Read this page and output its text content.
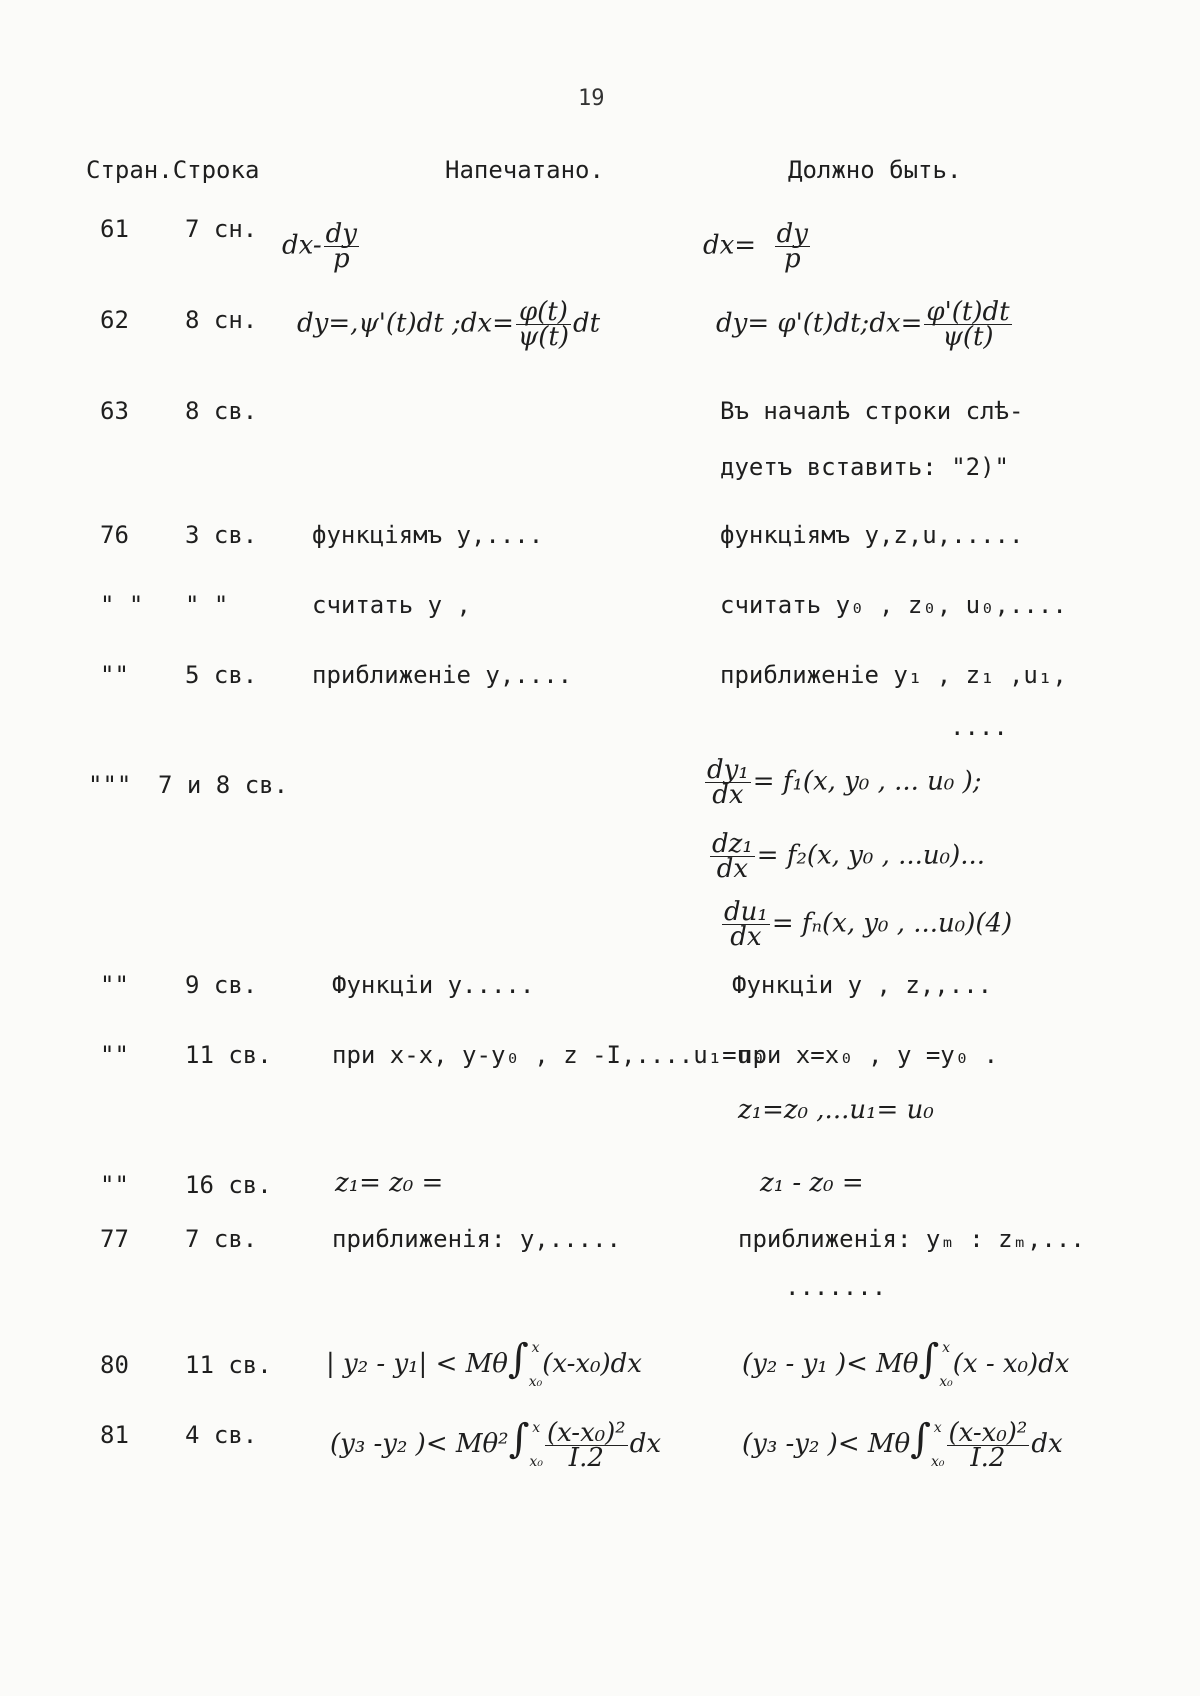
19
Стран.Строка	Напечатано.	Должно быть.
61 7 сн.
$dx- \frac{dy}{p}$	$dx= \frac{dy}{p}$
62 8 сн. dy=,ψ'(t)dt ;dx= $\frac{\varphi(t)}{\psi(t)}$ dt	dy= φ'(t)dt;dx= $\frac{\varphi'(t)dt}{\psi(t)}$
63 8 св.	Въ началѣ строки слѣ-
дуетъ вставить: "2)"
76 3 св. функціямъ y,....	функціямъ y,z,u,.....
" " " "	считать y ,	считать y₀ , z₀, u₀,....
"" 5 св. приближеніе y,....	приближеніе y₁ , z₁ ,u₁,
....
""" 7 и 8 св.	$\frac{\text{dy₁}}{dx} = f_1(x$, y₀ , ... u₀ );
$\frac{\text{dz₁}}{dx} = f_2(x$, y₀ , ...u₀)...
$\frac{\text{du₁}}{dx} = f_n(x$, y₀ , ...u₀)(4)
"" 9 св.	Функціи y.....	Функціи y , z,,...
"" 11 св.	при x-x, y-y₀ , z -I,....u₁=u₀
при x=x₀ , y =y₀ .
z₁=z₀ ,...u₁= u₀
"" 16 св. z₁= z₀ =	z₁ - z₀ =
77 7 св.	приближенія: y,.....	приближенія: yₘ : zₘ,...
.......
80 11 св. | y₂ - y₁| < Mθ∫ x
x₀
(x-x₀)dx	(y₂ - y₁ )< Mθ∫ x
x₀
(x - x₀)dx
81 4 св.	(y₃ -y₂ )< Mθ²∫ x
$x_0 \frac{\text{(x-x₀)²}}{I.2}$ dx	(y₃ -y₂ )< Mθ∫ x
$x_0 \frac{\text{(x-x₀)²}}{I.2}$ dx
